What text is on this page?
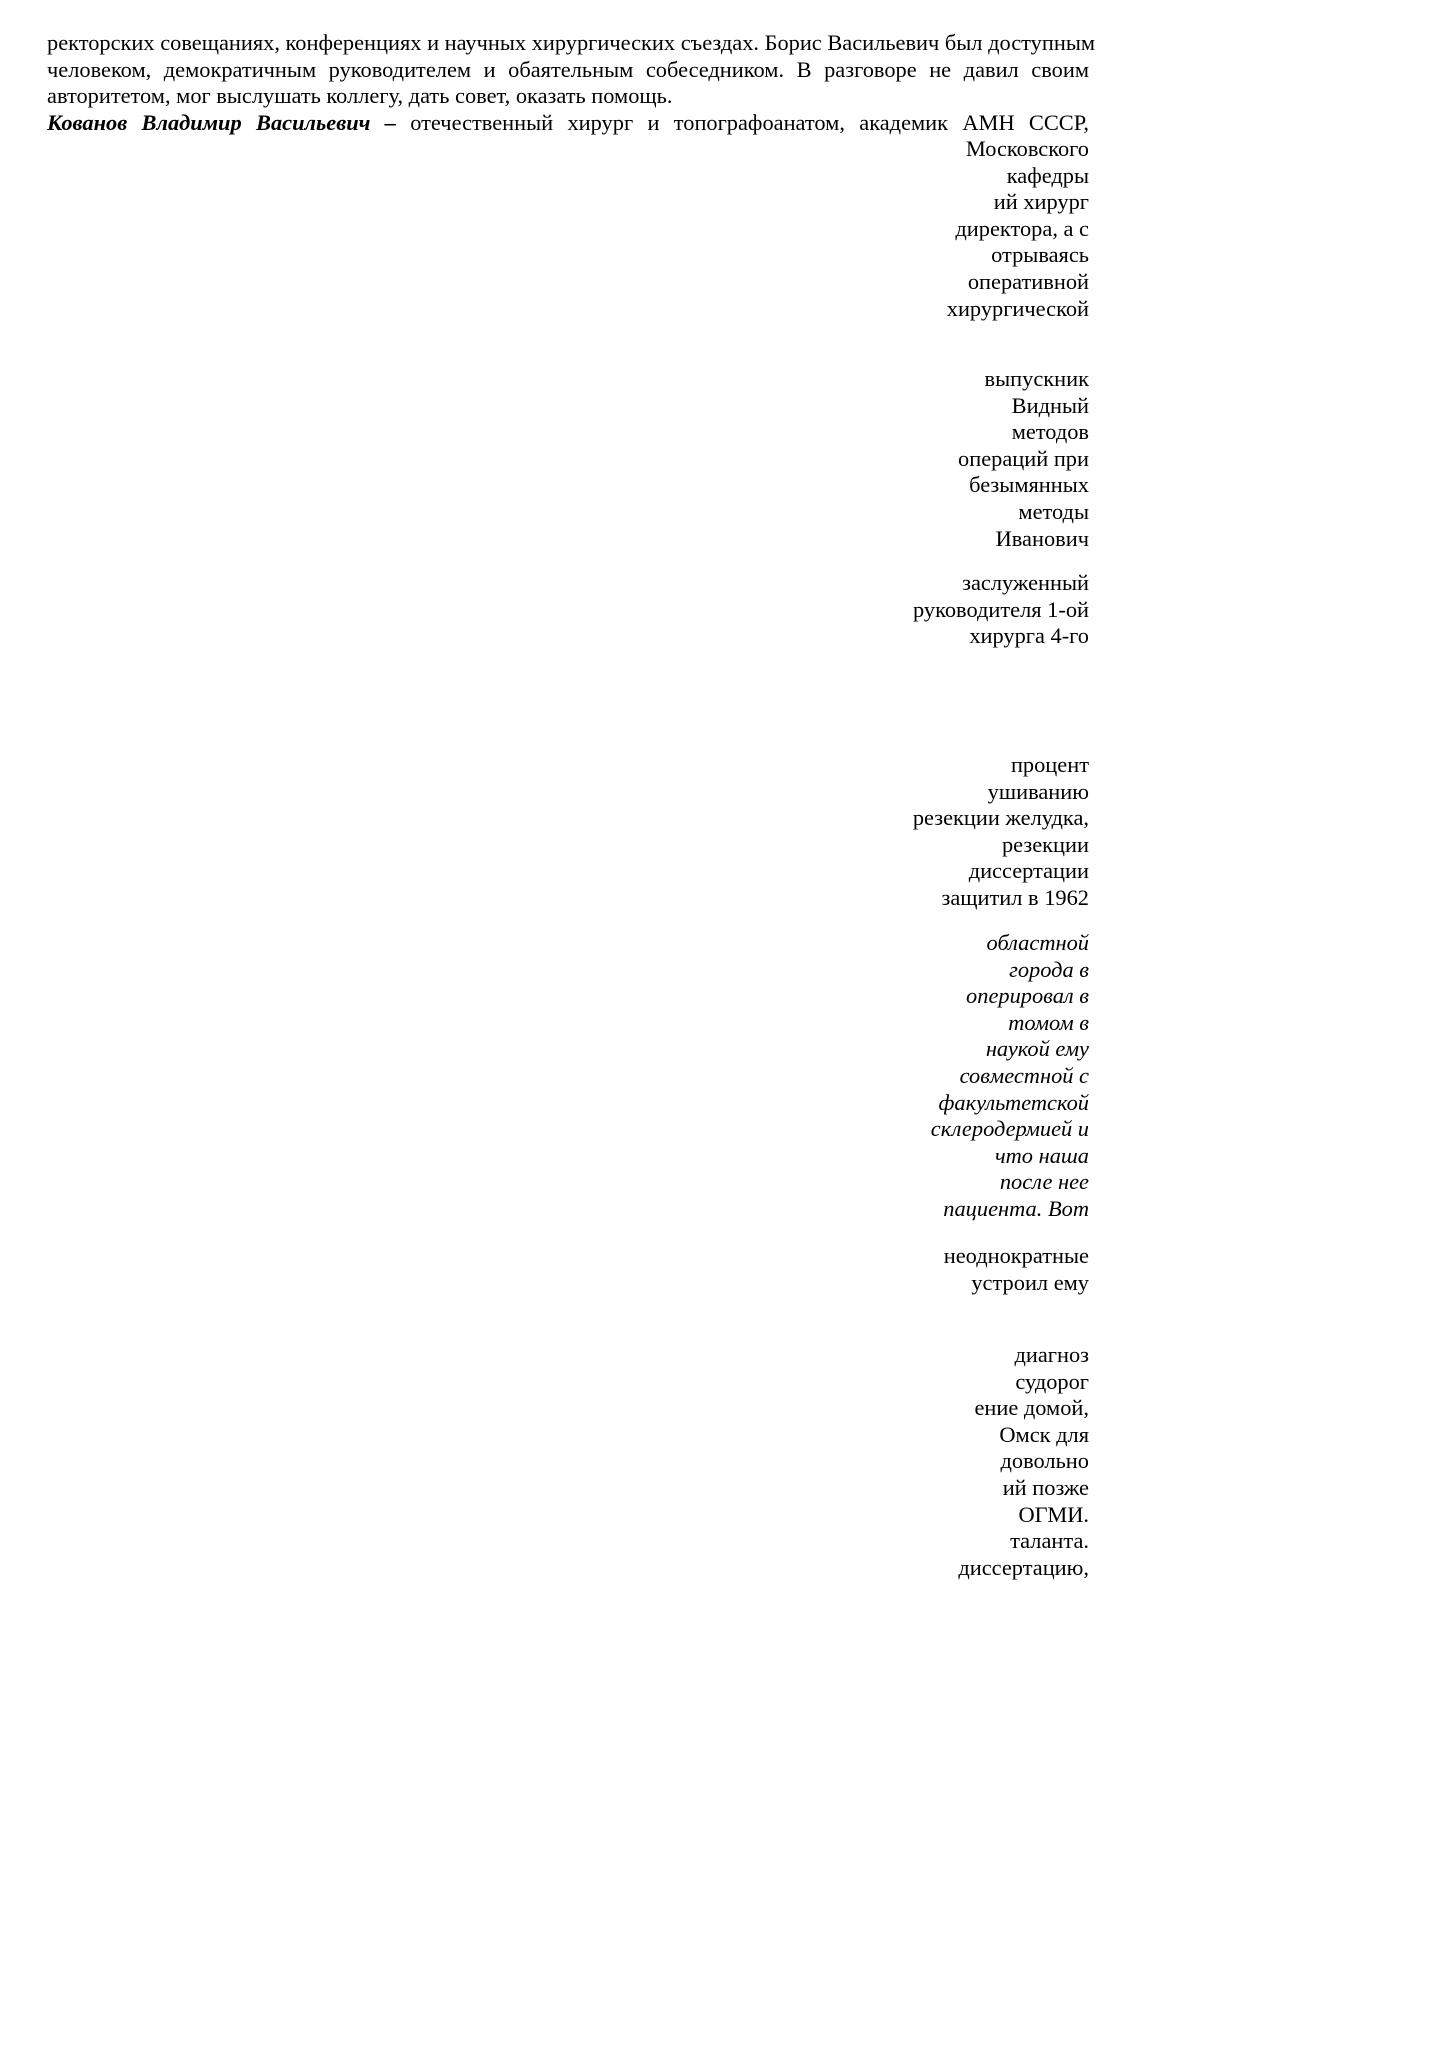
ректорских совещаниях, конференциях и научных хирургических съездах. Борис Васильевич был доступным

человеком, демократичным руководителем и обаятельным собеседником. В разговоре не давил своим

авторитетом, мог выслушать коллегу, дать совет, оказать помощь.

Кованов Владимир Васильевич – отечественный хирург и топографоанатом, академик АМН СССР,

Московского
кафедры
ий хирург
директора, а с
отрываясь
оперативной
хирургической
выпускник
Видный
методов
операций при
безымянных
методы
Иванович
заслуженный
руководителя 1-ой
хирурга 4-го
процент
ушиванию
резекции желудка,
резекции
диссертации
защитил в 1962
областной
города в
оперировал в
томом в
наукой ему
совместной с
факультетской
склеродермией и
что наша
после нее
пациента. Вот
неоднократные
устроил ему
диагноз
судорог
ение домой,
Омск для
довольно
ий позже
ОГМИ.
таланта.
диссертацию,
